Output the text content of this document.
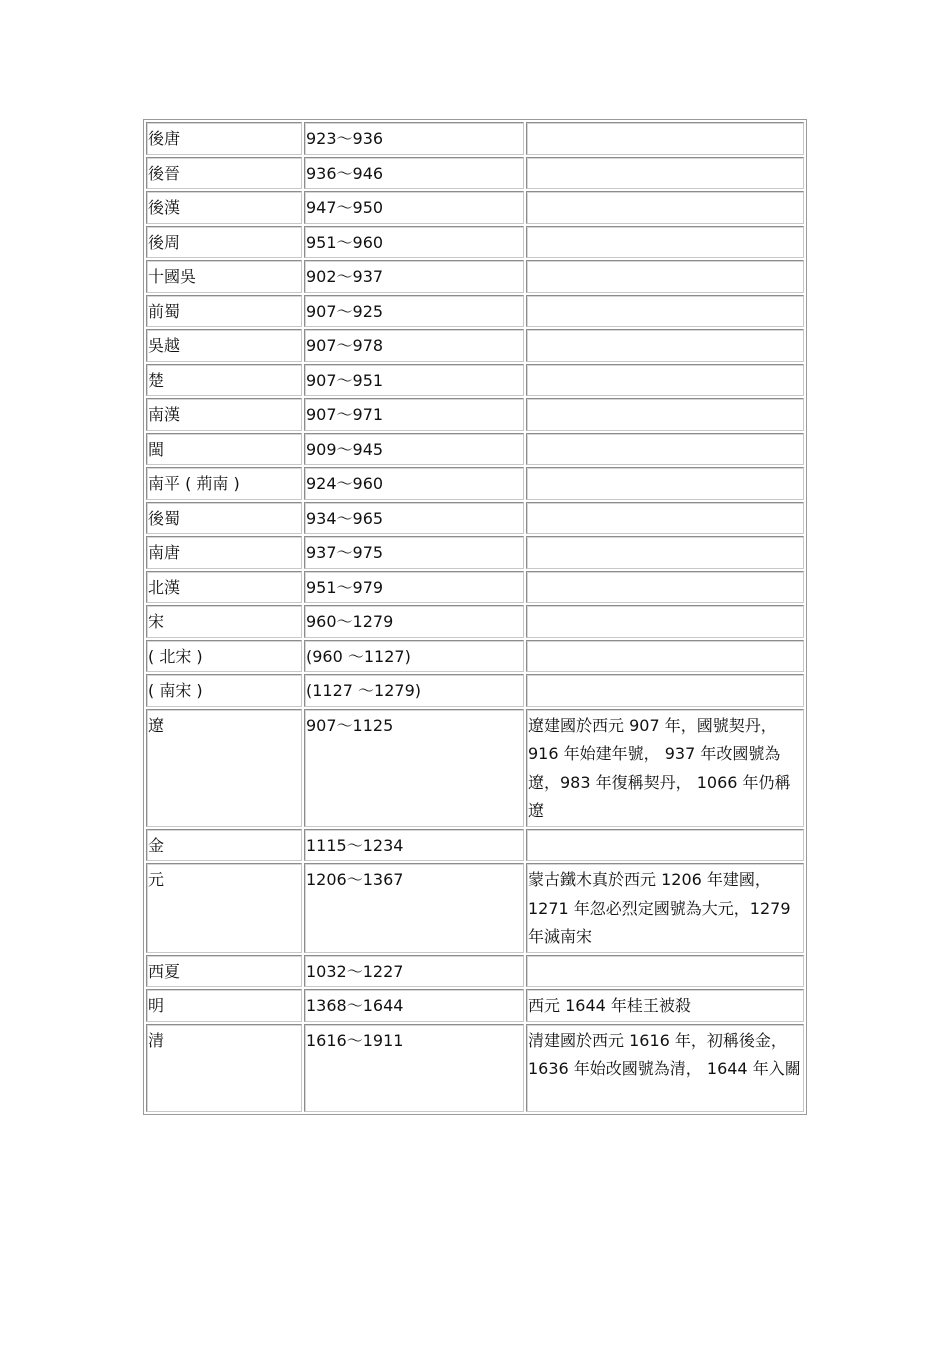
後唐	923～936	
後晉	936～946	
後漢	947～950	
後周	951～960	
十國吳	902～937	
前蜀	907～925	
吳越	907～978	
楚	907～951	
南漢	907～971	
閩	909～945	
南平 ( 荊南 )	924～960	
後蜀	934～965	
南唐	937～975	
北漢	951～979	
宋	960～1279	
( 北宋 )	(960 ～1127)	
( 南宋 )	(1127 ～1279)	
遼	907～1125	遼建國於西元 907 年，國號契丹，916 年始建年號， 937 年改國號為遼，983 年復稱契丹， 1066 年仍稱遼
金	1115～1234	
元	1206～1367	蒙古鐵木真於西元 1206 年建國，1271 年忽必烈定國號為大元，1279 年滅南宋
西夏	1032～1227	
明	1368～1644	西元 1644 年桂王被殺
清	1616～1911	清建國於西元 1616 年，初稱後金，1636 年始改國號為清， 1644 年入關
